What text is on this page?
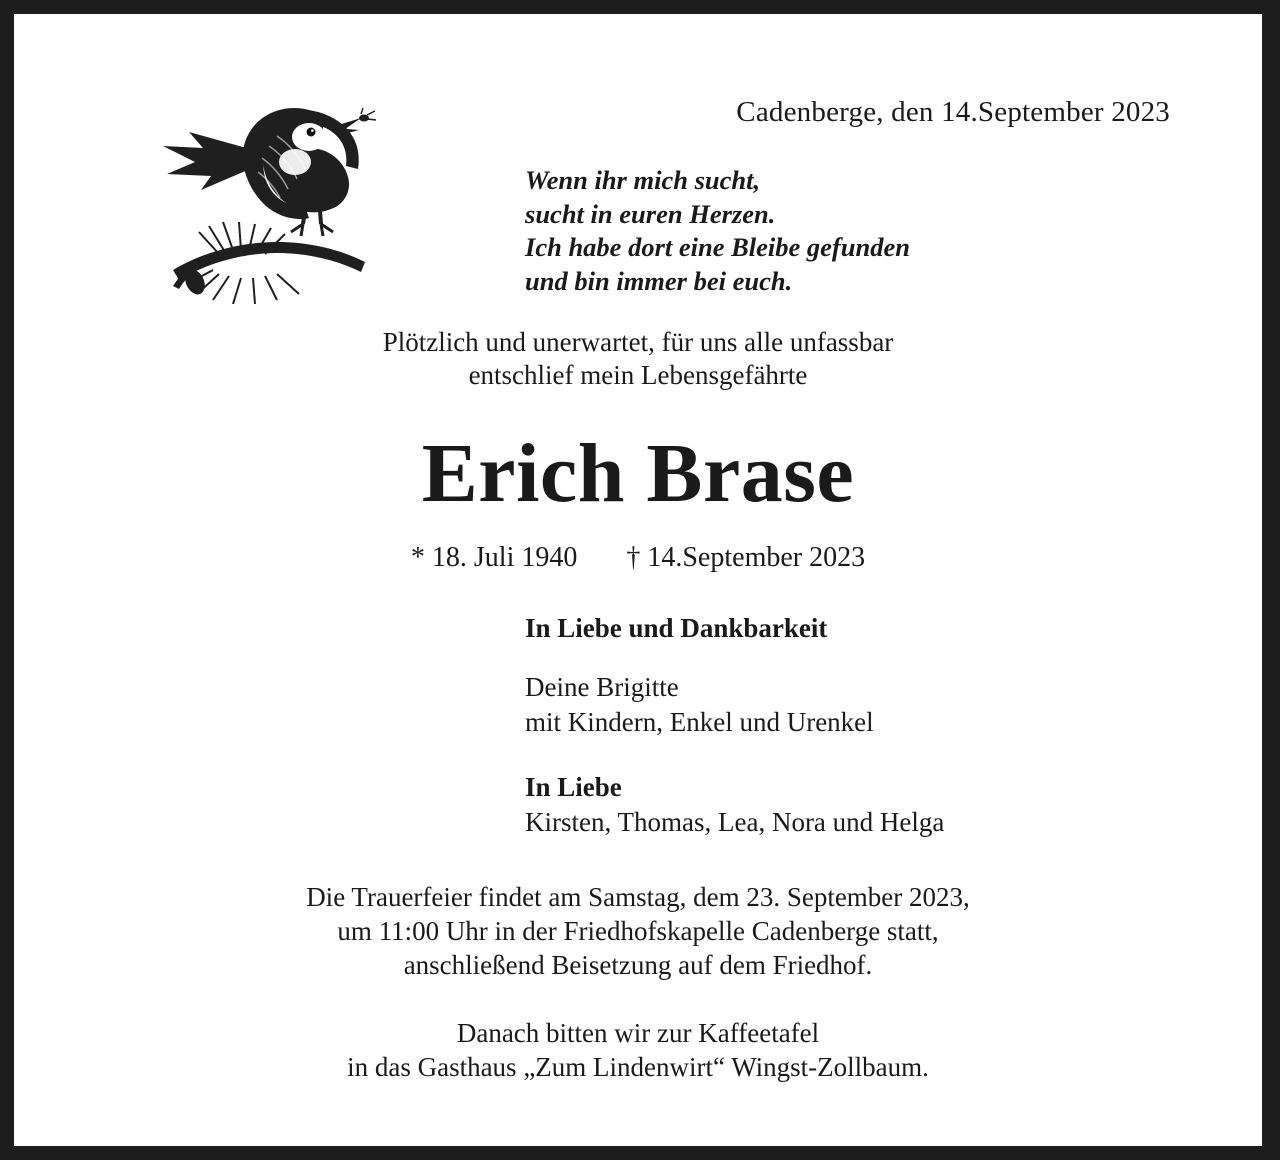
Cadenberge, den 14.September 2023
Wenn ihr mich sucht,
sucht in euren Herzen.
Ich habe dort eine Bleibe gefunden
und bin immer bei euch.
Plötzlich und unerwartet, für uns alle unfassbar
entschlief mein Lebensgefährte
Erich Brase
* 18. Juli 1940 † 14.September 2023
In Liebe und Dankbarkeit
Deine Brigitte
mit Kindern, Enkel und Urenkel
In Liebe
Kirsten, Thomas, Lea, Nora und Helga
Die Trauerfeier findet am Samstag, dem 23. September 2023,
um 11:00 Uhr in der Friedhofskapelle Cadenberge statt,
anschließend Beisetzung auf dem Friedhof.
Danach bitten wir zur Kaffeetafel
in das Gasthaus „Zum Lindenwirt“ Wingst-Zollbaum.
